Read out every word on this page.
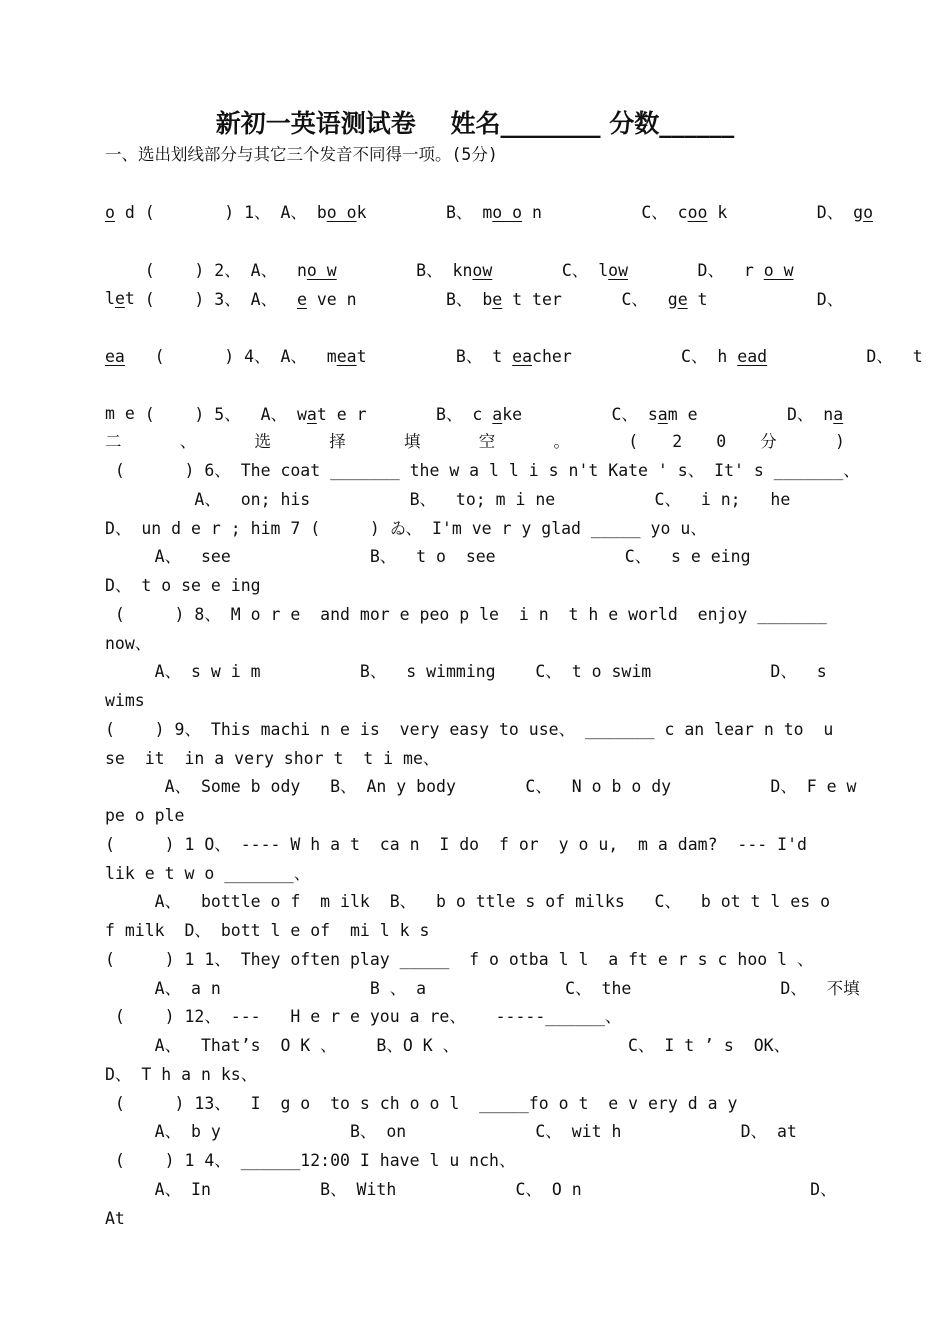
新初一英语测试卷    姓名________ 分数______
一、选出划线部分与其它三个发音不同得一项。(5分)

(       ) 1、 A、 bo ok        B、 mo o n          C、 coo k         D、 go

o d

(    ) 2、 A、  no w        B、 know       C、 low       D、  r o w

(    ) 3、 A、  e ve n         B、 be t ter      C、  ge t           D、

let

(      ) 4、 A、  meat         B、 t eacher           C、 h ead          D、  t

ea

(    ) 5、  A、 wat e r       B、 c ake         C、 sam e         D、 na

m e
二 、 选 择 填 空 。 ( 2 0 分 )
(      ) 6、 The coat _______ the w a l l i s n't Kate ' s、 It' s _______、
A、  on; his          B、  to; m i ne          C、  i n;   he
D、 un d e r ; him 7 (     ) ゐ、 I'm ve r y glad _____ yo u、
A、  see              B、  t o  see             C、  s e eing
D、 t o se e ing
(     ) 8、 M o r e  and mor e peo p le  i n  t h e world  enjoy _______
now、
A、 s w i m          B、  s wimming    C、 t o swim            D、  s
wims
(    ) 9、 This machi n e is  very easy to use、 _______ c an lear n to  u
se  it  in a very shor t  t i me、
A、 Some b ody   B、 An y body       C、  N o b o dy          D、 F e w
pe o ple
(     ) 1 O、 ---- W h a t  ca n  I do  f or  y o u,  m a dam?  --- I'd
lik e t w o _______、
A、  bottle o f  m ilk  B、  b o ttle s of milks   C、  b ot t l es o
f milk  D、 bott l e of  mi l k s
(     ) 1 1、 They often play _____  f o otba l l  a ft e r s c hoo l 、
A、 a n               B 、 a              C、 the               D、  不填
(    ) 12、 ---   H e r e you a re、   -----______、
A、  That’s  O K 、    B、O K 、                 C、 I t ’ s  OK、
D、 T h a n ks、
(     ) 13、  I  g o  to s ch o o l  _____fo o t  e v ery d a y
A、 b y             B、 on             C、 wit h            D、 at
(    ) 1 4、 ______12:00 I have l u nch、
A、 In           B、 With            C、 O n                       D、
At
